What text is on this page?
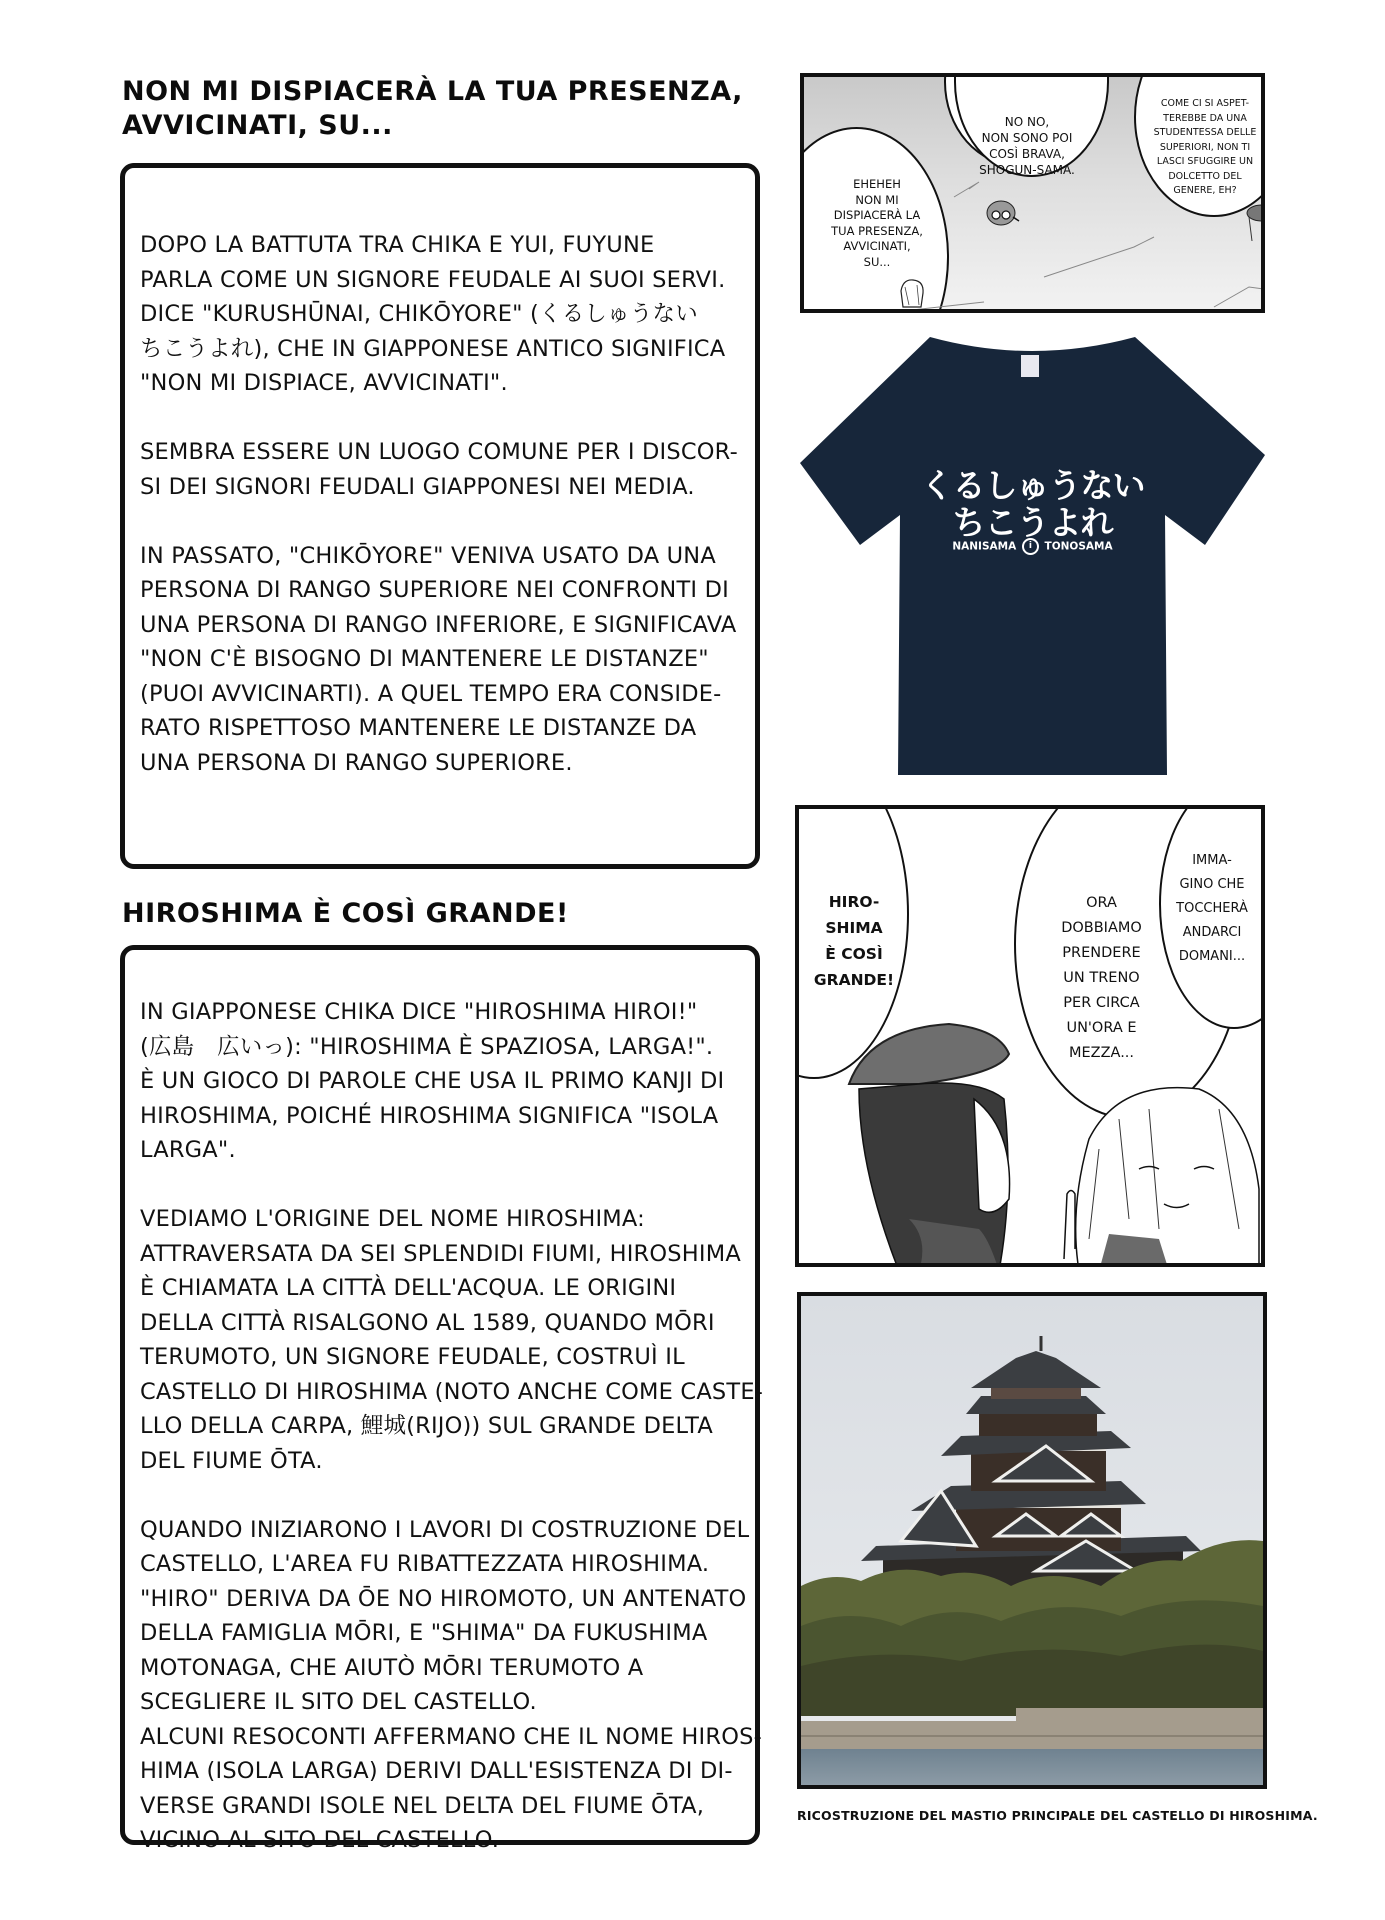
NON MI DISPIACERÀ LA TUA PRESENZA,
AVVICINATI, SU...
DOPO LA BATTUTA TRA CHIKA E YUI, FUYUNE
PARLA COME UN SIGNORE FEUDALE AI SUOI SERVI.
DICE "KURUSHŪNAI, CHIKŌYORE" (くるしゅうない
ちこうよれ), CHE IN GIAPPONESE ANTICO SIGNIFICA
"NON MI DISPIACE, AVVICINATI".
SEMBRA ESSERE UN LUOGO COMUNE PER I DISCOR-
SI DEI SIGNORI FEUDALI GIAPPONESI NEI MEDIA.
IN PASSATO, "CHIKŌYORE" VENIVA USATO DA UNA
PERSONA DI RANGO SUPERIORE NEI CONFRONTI DI
UNA PERSONA DI RANGO INFERIORE, E SIGNIFICAVA
"NON C'È BISOGNO DI MANTENERE LE DISTANZE"
(PUOI AVVICINARTI). A QUEL TEMPO ERA CONSIDE-
RATO RISPETTOSO MANTENERE LE DISTANZE DA
UNA PERSONA DI RANGO SUPERIORE.
HIROSHIMA È COSÌ GRANDE!
IN GIAPPONESE CHIKA DICE "HIROSHIMA HIROI!"
(広島　広いっ): "HIROSHIMA È SPAZIOSA, LARGA!".
È UN GIOCO DI PAROLE CHE USA IL PRIMO KANJI DI
HIROSHIMA, POICHÉ HIROSHIMA SIGNIFICA "ISOLA
LARGA".
VEDIAMO L'ORIGINE DEL NOME HIROSHIMA:
ATTRAVERSATA DA SEI SPLENDIDI FIUMI, HIROSHIMA
È CHIAMATA LA CITTÀ DELL'ACQUA. LE ORIGINI
DELLA CITTÀ RISALGONO AL 1589, QUANDO MŌRI
TERUMOTO, UN SIGNORE FEUDALE, COSTRUÌ IL
CASTELLO DI HIROSHIMA (NOTO ANCHE COME CASTE-
LLO DELLA CARPA, 鯉城(RIJO)) SUL GRANDE DELTA
DEL FIUME ŌTA.
QUANDO INIZIARONO I LAVORI DI COSTRUZIONE DEL
CASTELLO, L'AREA FU RIBATTEZZATA HIROSHIMA.
"HIRO" DERIVA DA ŌE NO HIROMOTO, UN ANTENATO
DELLA FAMIGLIA MŌRI, E "SHIMA" DA FUKUSHIMA
MOTONAGA, CHE AIUTÒ MŌRI TERUMOTO A
SCEGLIERE IL SITO DEL CASTELLO.
ALCUNI RESOCONTI AFFERMANO CHE IL NOME HIROS-
HIMA (ISOLA LARGA) DERIVI DALL'ESISTENZA DI DI-
VERSE GRANDI ISOLE NEL DELTA DEL FIUME ŌTA,
VICINO AL SITO DEL CASTELLO.
EHEHEH
NON MI
DISPIACERÀ LA
TUA PRESENZA,
AVVICINATI,
SU...
NO NO,
NON SONO POI
COSÌ BRAVA,
SHOGUN-SAMA.
COME CI SI ASPET-
TEREBBE DA UNA
STUDENTESSA DELLE
SUPERIORI, NON TI
LASCI SFUGGIRE UN
DOLCETTO DEL
GENERE, EH?
くるしゅうない
ちこうよれ
NANISAMA i TONOSAMA
HIRO-
SHIMA
È COSÌ
GRANDE!
ORA
DOBBIAMO
PRENDERE
UN TRENO
PER CIRCA
UN'ORA E
MEZZA...
IMMA-
GINO CHE
TOCCHERÀ
ANDARCI
DOMANI...
RICOSTRUZIONE DEL MASTIO PRINCIPALE DEL CASTELLO DI HIROSHIMA.
